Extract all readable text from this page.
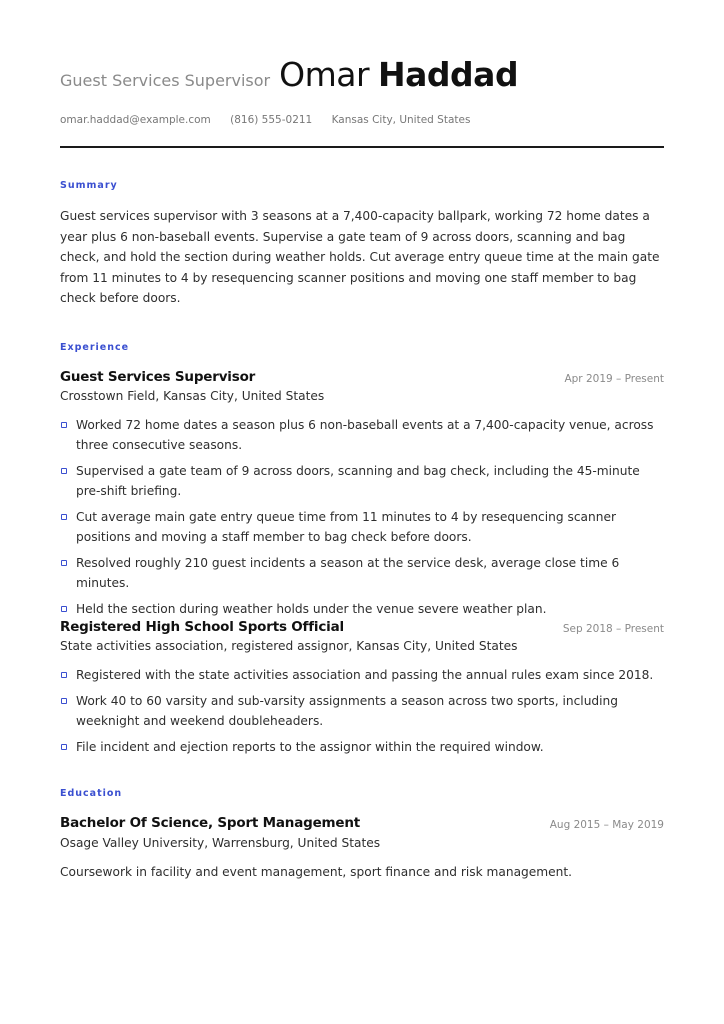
Guest Services Supervisor Omar Haddad
omar.haddad@example.com (816) 555-0211 Kansas City, United States
Summary
Guest services supervisor with 3 seasons at a 7,400-capacity ballpark, working 72 home dates a year plus 6 non-baseball events. Supervise a gate team of 9 across doors, scanning and bag check, and hold the section during weather holds. Cut average entry queue time at the main gate from 11 minutes to 4 by resequencing scanner positions and moving one staff member to bag check before doors.
Experience
Guest Services Supervisor	Apr 2019 – Present
Crosstown Field, Kansas City, United States
Worked 72 home dates a season plus 6 non-baseball events at a 7,400-capacity venue, across three consecutive seasons.
Supervised a gate team of 9 across doors, scanning and bag check, including the 45-minute pre-shift briefing.
Cut average main gate entry queue time from 11 minutes to 4 by resequencing scanner positions and moving a staff member to bag check before doors.
Resolved roughly 210 guest incidents a season at the service desk, average close time 6 minutes.
Held the section during weather holds under the venue severe weather plan.
Registered High School Sports Official	Sep 2018 – Present
State activities association, registered assignor, Kansas City, United States
Registered with the state activities association and passing the annual rules exam since 2018.
Work 40 to 60 varsity and sub-varsity assignments a season across two sports, including weeknight and weekend doubleheaders.
File incident and ejection reports to the assignor within the required window.
Education
Bachelor Of Science, Sport Management	Aug 2015 – May 2019
Osage Valley University, Warrensburg, United States
Coursework in facility and event management, sport finance and risk management.
